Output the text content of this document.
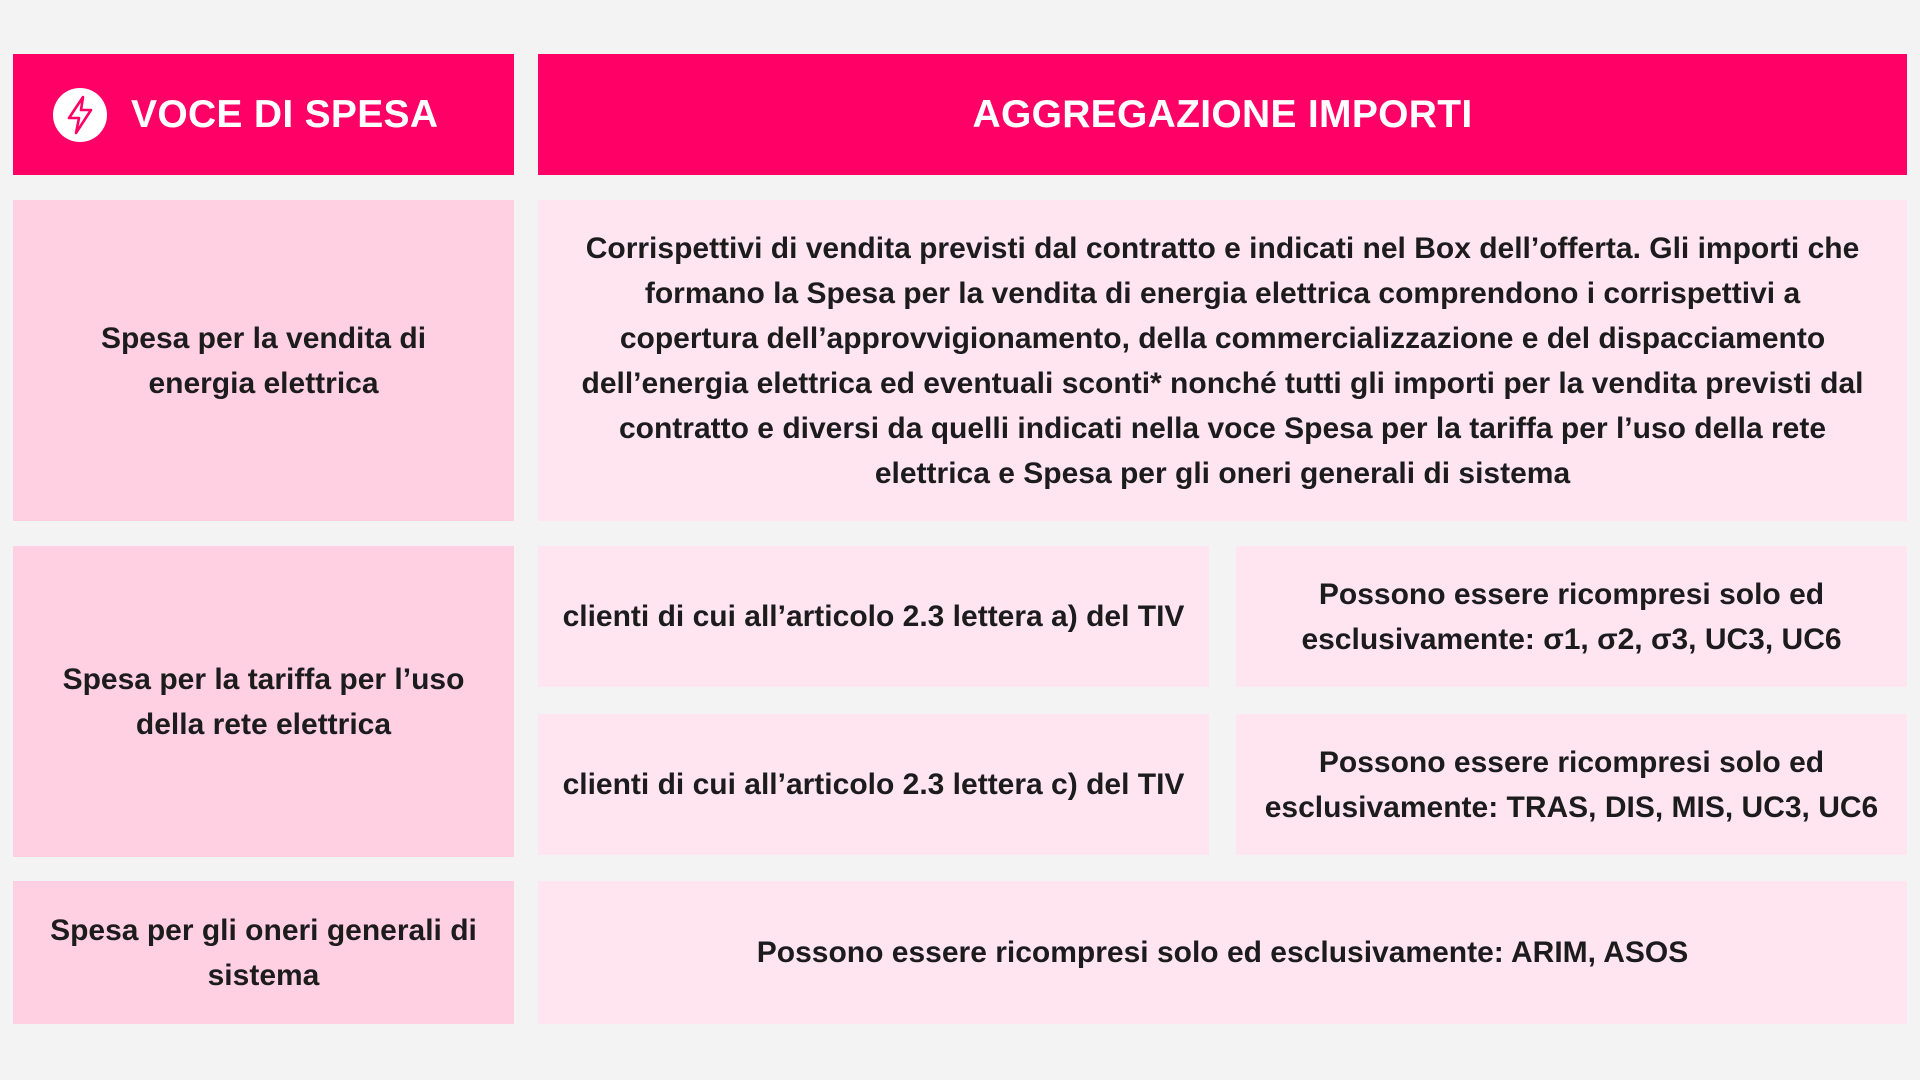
VOCE DI SPESA	AGGREGAZIONE IMPORTI
Spesa per la vendita di energia elettrica
Corrispettivi di vendita previsti dal contratto e indicati nel Box dell’offerta. Gli importi che formano la Spesa per la vendita di energia elettrica comprendono i corrispettivi a copertura dell’approvvigionamento, della commercializzazione e del dispacciamento dell’energia elettrica ed eventuali sconti* nonché tutti gli importi per la vendita previsti dal contratto e diversi da quelli indicati nella voce Spesa per la tariffa per l’uso della rete elettrica e Spesa per gli oneri generali di sistema
Spesa per la tariffa per l’uso della rete elettrica
clienti di cui all’articolo 2.3 lettera a) del TIV
Possono essere ricompresi solo ed esclusivamente: σ1, σ2, σ3, UC3, UC6
clienti di cui all’articolo 2.3 lettera c) del TIV
Possono essere ricompresi solo ed esclusivamente: TRAS, DIS, MIS, UC3, UC6
Spesa per gli oneri generali di sistema
Possono essere ricompresi solo ed esclusivamente: ARIM, ASOS
